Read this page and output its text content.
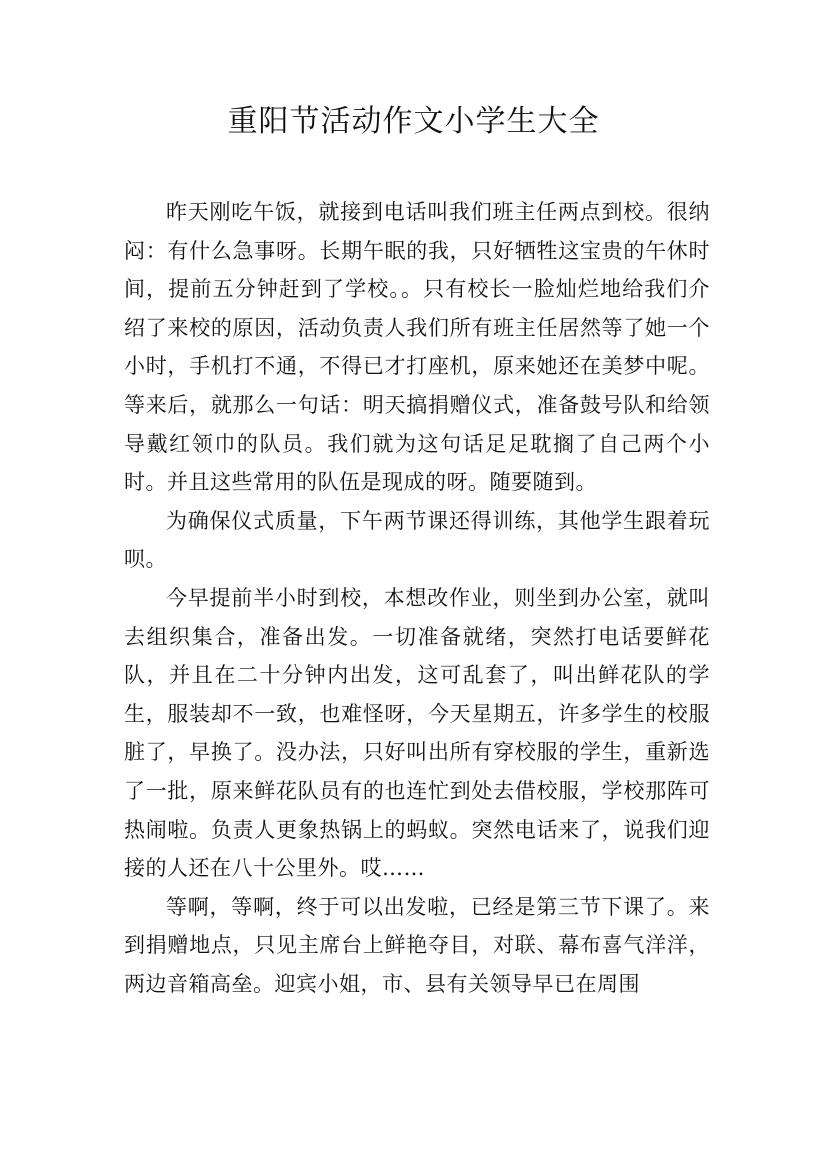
重阳节活动作文小学生大全

昨天刚吃午饭，就接到电话叫我们班主任两点到校。很纳闷：有什么急事呀。长期午眠的我，只好牺牲这宝贵的午休时间，提前五分钟赶到了学校。。只有校长一脸灿烂地给我们介绍了来校的原因，活动负责人我们所有班主任居然等了她一个小时，手机打不通，不得已才打座机，原来她还在美梦中呢。等来后，就那么一句话：明天搞捐赠仪式，准备鼓号队和给领导戴红领巾的队员。我们就为这句话足足耽搁了自己两个小时。并且这些常用的队伍是现成的呀。随要随到。

为确保仪式质量，下午两节课还得训练，其他学生跟着玩呗。

今早提前半小时到校，本想改作业，则坐到办公室，就叫去组织集合，准备出发。一切准备就绪，突然打电话要鲜花队，并且在二十分钟内出发，这可乱套了，叫出鲜花队的学生，服装却不一致，也难怪呀，今天星期五，许多学生的校服脏了，早换了。没办法，只好叫出所有穿校服的学生，重新选了一批，原来鲜花队员有的也连忙到处去借校服，学校那阵可热闹啦。负责人更象热锅上的蚂蚁。突然电话来了，说我们迎接的人还在八十公里外。哎……

等啊，等啊，终于可以出发啦，已经是第三节下课了。来到捐赠地点，只见主席台上鲜艳夺目，对联、幕布喜气洋洋，两边音箱高垒。迎宾小姐，市、县有关领导早已在周围
